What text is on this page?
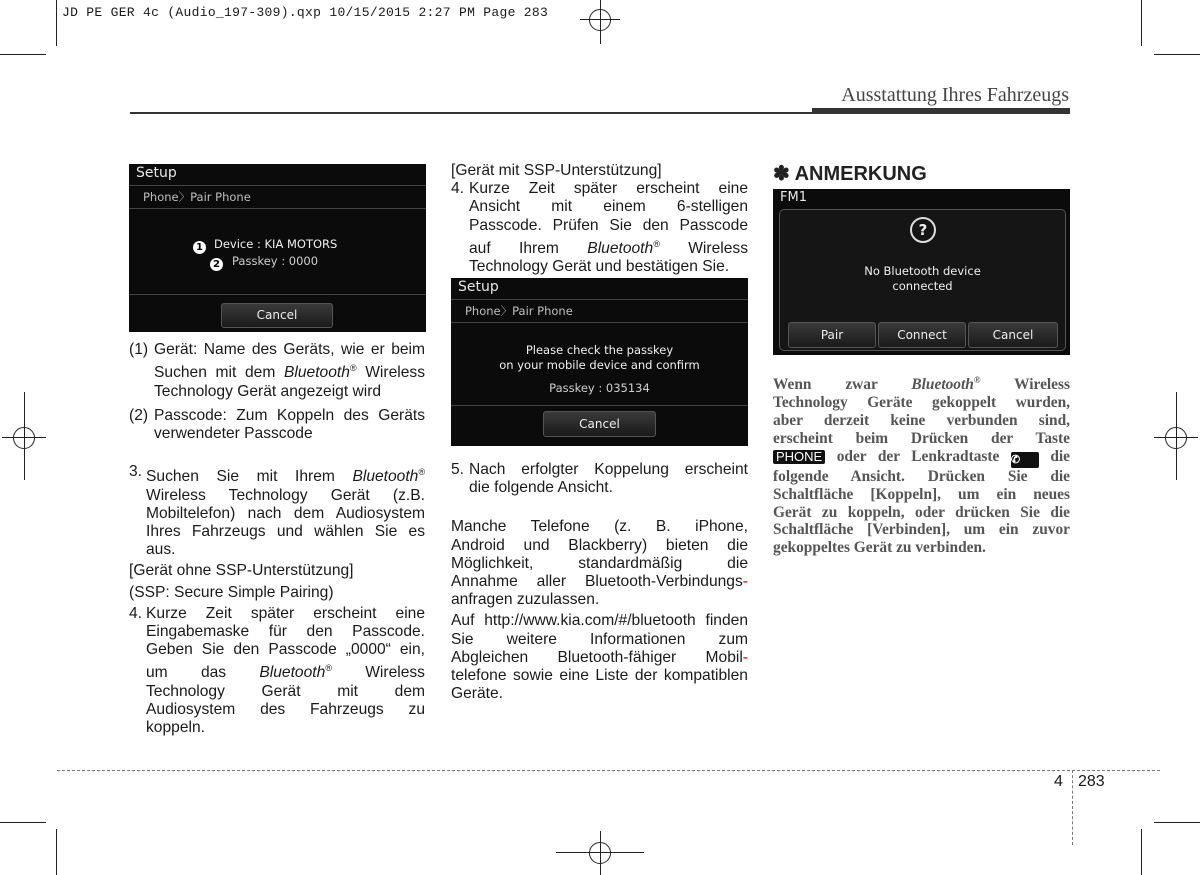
JD PE GER 4c (Audio_197-309).qxp 10/15/2015 2:27 PM Page 283
Ausstattung Ihres Fahrzeugs
Setup
Phone〉Pair Phone
1
2
Device : KIA MOTORS
Passkey : 0000
Cancel
(1) Gerät: Name des Geräts, wie er beim
Suchen mit dem Bluetooth® Wireless
Technology Gerät angezeigt wird
(2) Passcode: Zum Koppeln des Geräts
verwendeter Passcode
3. Suchen Sie mit Ihrem Bluetooth®
Wireless Technology Gerät (z.B.
Mobiltelefon) nach dem Audiosystem
Ihres Fahrzeugs und wählen Sie es
aus.
[Gerät ohne SSP-Unterstützung]
(SSP: Secure Simple Pairing)
4. Kurze Zeit später erscheint eine
Eingabemaske für den Passcode.
Geben Sie den Passcode „0000“ ein,
um das Bluetooth® Wireless
Technology Gerät mit dem
Audiosystem des Fahrzeugs zu
koppeln.
[Gerät mit SSP-Unterstützung]
4. Kurze Zeit später erscheint eine
Ansicht mit einem 6-stelligen
Passcode. Prüfen Sie den Passcode
auf Ihrem Bluetooth® Wireless
Technology Gerät und bestätigen Sie.
Setup
Phone〉Pair Phone
Please check the passkey
on your mobile device and confirm
Passkey : 035134
Cancel
5. Nach erfolgter Koppelung erscheint
die folgende Ansicht.
Manche Telefone (z. B. iPhone,
Android und Blackberry) bieten die
Möglichkeit, standardmäßig die
Annahme aller Bluetooth-Verbindungs-
anfragen zuzulassen.
Auf http://www.kia.com/#/bluetooth finden
Sie weitere Informationen zum
Abgleichen Bluetooth-fähiger Mobil-
telefone sowie eine Liste der kompatiblen
Geräte.
✽ ANMERKUNG
FM1
?
No Bluetooth device
connected
Pair	Connect	Cancel
Wenn zwar Bluetooth® Wireless
Technology Geräte gekoppelt wurden,
aber derzeit keine verbunden sind,
erscheint beim Drücken der Taste
PHONE oder der Lenkradtaste ✆ die
folgende Ansicht. Drücken Sie die
Schaltfläche [Koppeln], um ein neues
Gerät zu koppeln, oder drücken Sie die
Schaltfläche [Verbinden], um ein zuvor
gekoppeltes Gerät zu verbinden.
4 283
